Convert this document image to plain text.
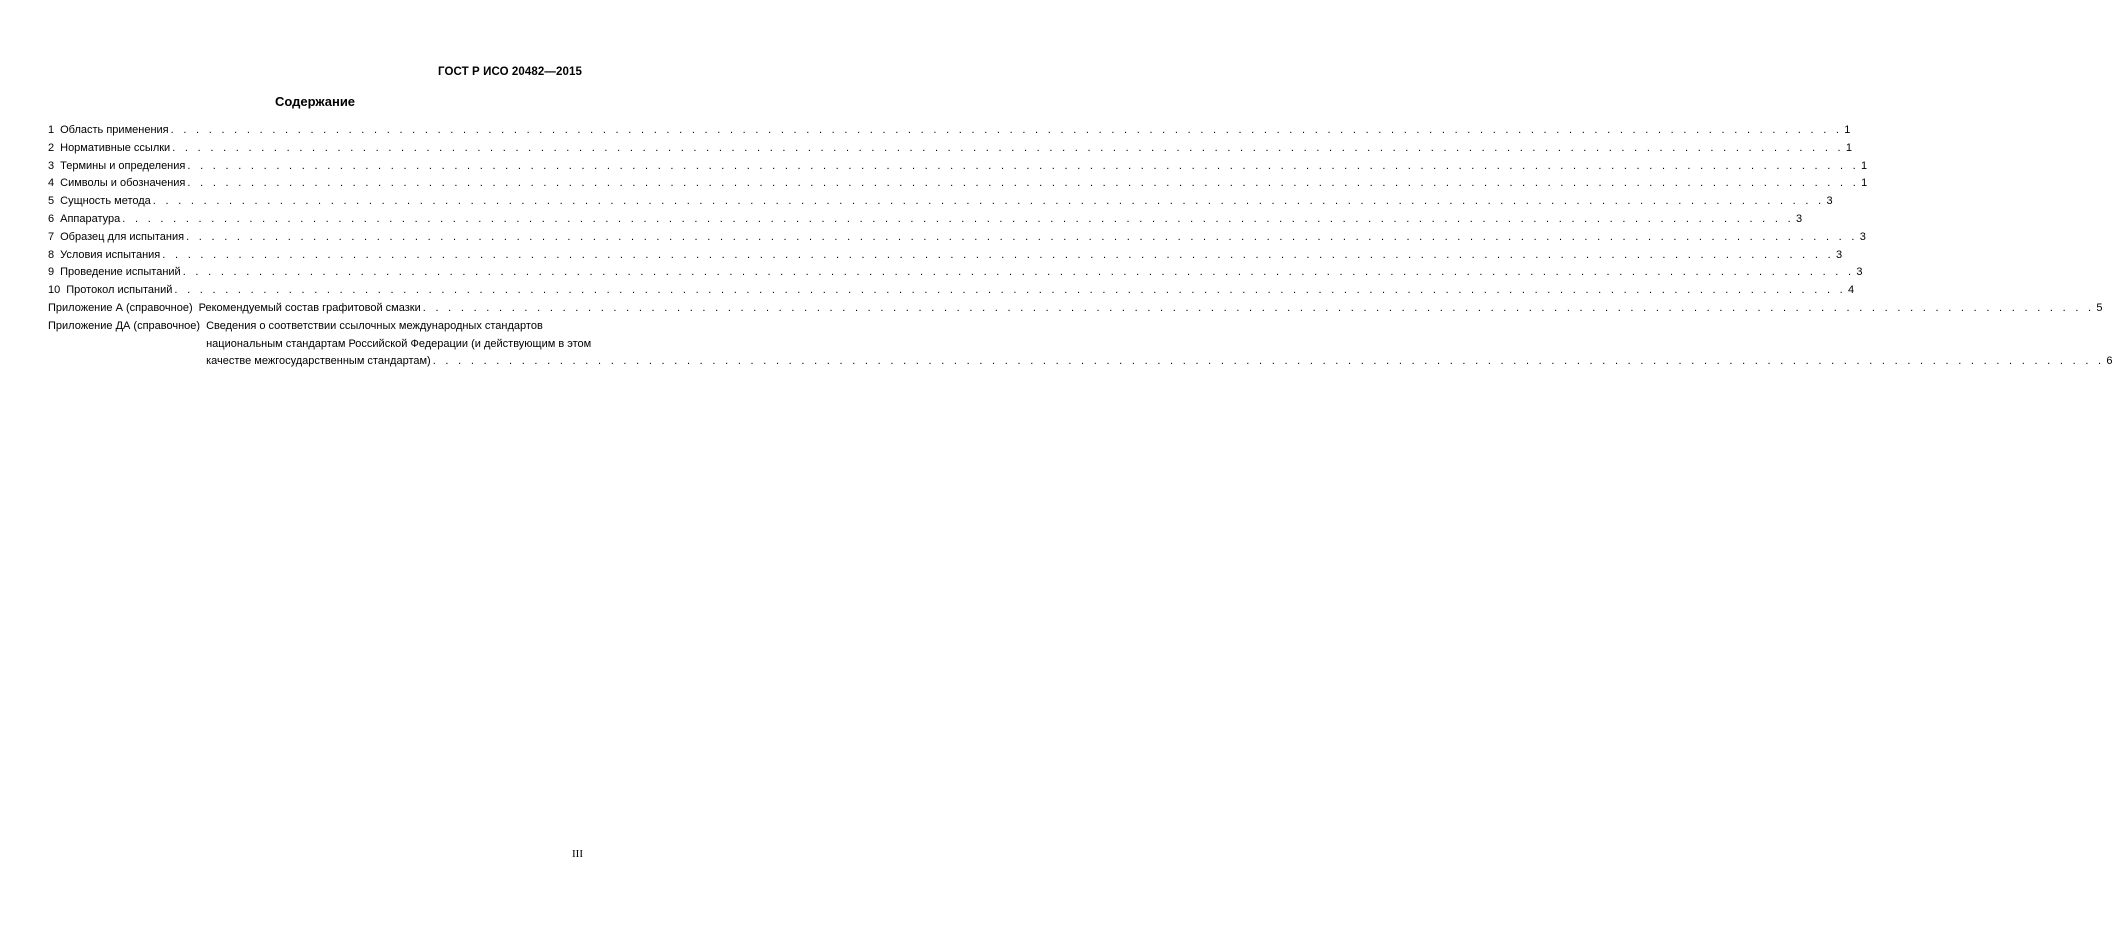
ГОСТ Р ИСО 20482—2015
Содержание
1 Область применения . . .	1
2 Нормативные ссылки . . .	1
3 Термины и определения . . .	1
4 Символы и обозначения . . .	1
5 Сущность метода . . .	3
6 Аппаратура . . .	3
7 Образец для испытания . . .	3
8 Условия испытания . . .	3
9 Проведение испытаний . . .	3
10 Протокол испытаний . . .	4
Приложение А (справочное) Рекомендуемый состав графитовой смазки . . .	5
Приложение ДА (справочное) Сведения о соответствии ссылочных международных стандартов
национальным стандартам Российской Федерации (и действующим в этом
качестве межгосударственным стандартам) . . .	6
III
